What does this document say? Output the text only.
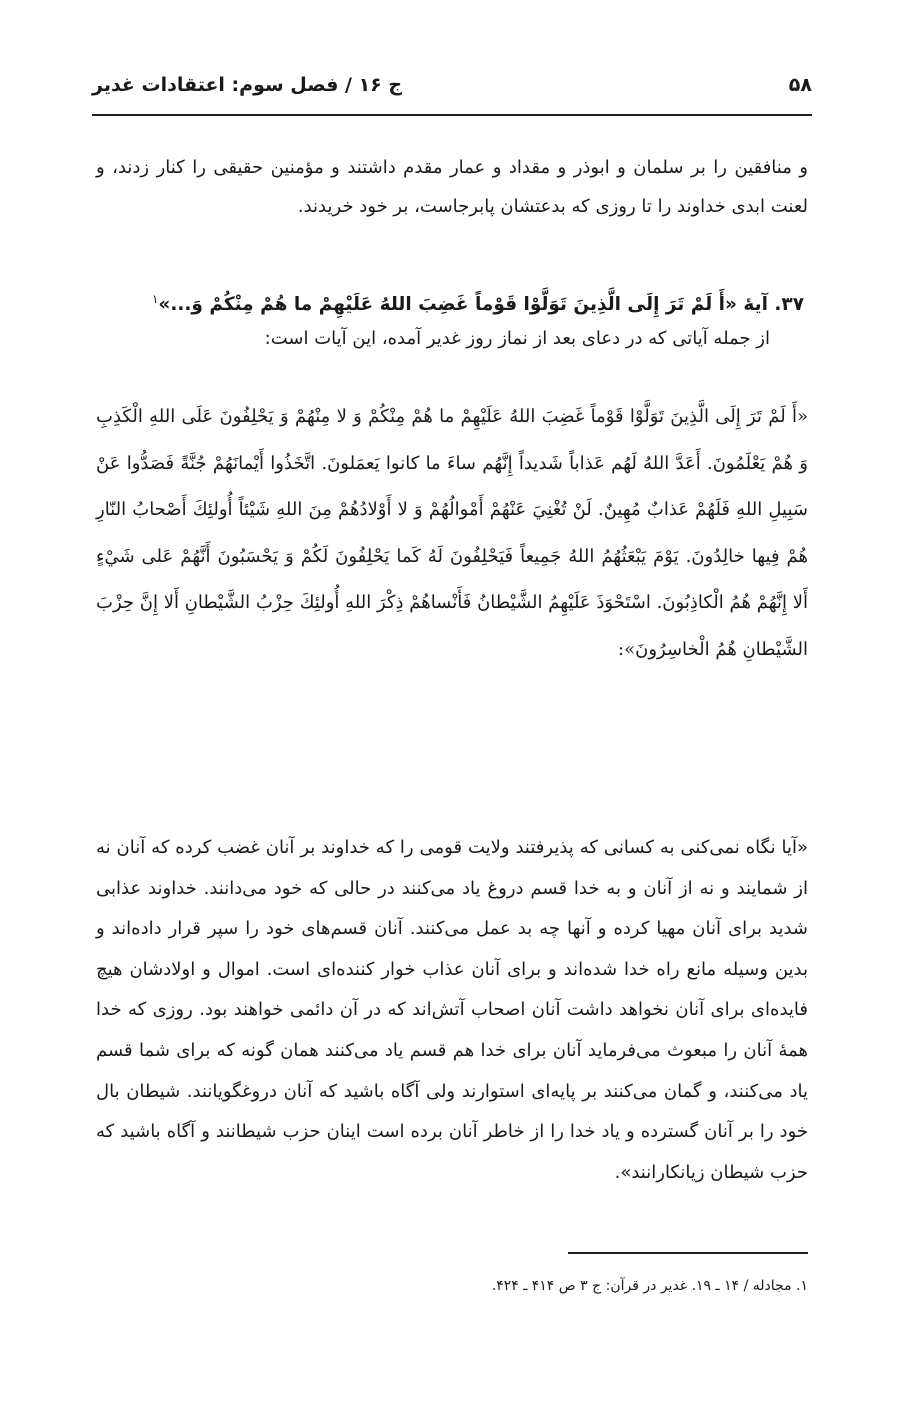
۵۸
ج ۱۶ / فصل سوم: اعتقادات غدیر

و منافقین را بر سلمان و ابوذر و مقداد و عمار مقدم داشتند و مؤمنین حقیقی را کنار زدند، و لعنت ابدی خداوند را تا روزی که بدعتشان پابرجاست، بر خود خریدند.

۳۷. آیهٔ «أَ لَمْ تَرَ إِلَى الَّذِينَ تَوَلَّوْا قَوْماً غَضِبَ اللهُ عَلَيْهِمْ ما هُمْ مِنْكُمْ وَ...»$^۱$

از جمله آیاتی که در دعای بعد از نماز روز غدیر آمده، این آیات است:

«أَ لَمْ تَرَ إِلَى الَّذِينَ تَوَلَّوْا قَوْماً غَضِبَ اللهُ عَلَيْهِمْ ما هُمْ مِنْكُمْ وَ لا مِنْهُمْ وَ يَحْلِفُونَ عَلَى اللهِ الْكَذِبِ وَ هُمْ يَعْلَمُونَ. أَعَدَّ اللهُ لَهُم عَذاباً شَديداً إِنَّهُم ساءَ ما كانوا يَعمَلونَ. اتَّخَذُوا أَيْمانَهُمْ جُنَّةً فَصَدُّوا عَنْ سَبِيلِ اللهِ فَلَهُمْ عَذابٌ مُهِينٌ. لَنْ تُغْنِيَ عَنْهُمْ أَمْوالُهُمْ وَ لا أَوْلادُهُمْ مِنَ اللهِ شَيْئاً أُولئِكَ أَصْحابُ النّارِ هُمْ فِيها خالِدُونَ. يَوْمَ يَبْعَثُهُمُ اللهُ جَمِيعاً فَيَحْلِفُونَ لَهُ كَما يَحْلِفُونَ لَكُمْ وَ يَحْسَبُونَ أَنَّهُمْ عَلى شَيْءٍ أَلا إِنَّهُمْ هُمُ الْكاذِبُونَ. اسْتَحْوَذَ عَلَيْهِمُ الشَّيْطانُ فَأَنْساهُمْ ذِكْرَ اللهِ أُولئِكَ حِزْبُ الشَّيْطانِ أَلا إِنَّ حِزْبَ الشَّيْطانِ هُمُ الْخاسِرُونَ»:

«آیا نگاه نمی‌کنی به کسانی که پذیرفتند ولایت قومی را که خداوند بر آنان غضب کرده که آنان نه از شمایند و نه از آنان و به خدا قسم دروغ یاد می‌کنند در حالی که خود می‌دانند. خداوند عذابی شدید برای آنان مهیا کرده و آنها چه بد عمل می‌کنند. آنان قسم‌های خود را سپر قرار داده‌اند و بدین وسیله مانع راه خدا شده‌اند و برای آنان عذاب خوار کننده‌ای است. اموال و اولادشان هیچ فایده‌ای برای آنان نخواهد داشت آنان اصحاب آتش‌اند که در آن دائمی خواهند بود. روزی که خدا همهٔ آنان را مبعوث می‌فرماید آنان برای خدا هم قسم یاد می‌کنند همان گونه که برای شما قسم یاد می‌کنند، و گمان می‌کنند بر پایه‌ای استوارند ولی آگاه باشید که آنان دروغگویانند. شیطان بال خود را بر آنان گسترده و یاد خدا را از خاطر آنان برده است اینان حزب شیطانند و آگاه باشید که حزب شیطان زیانکارانند».

۱. مجادله / ۱۴ ـ ۱۹. غدیر در قرآن: ج ۳ ص ۴۱۴ ـ ۴۲۴.
